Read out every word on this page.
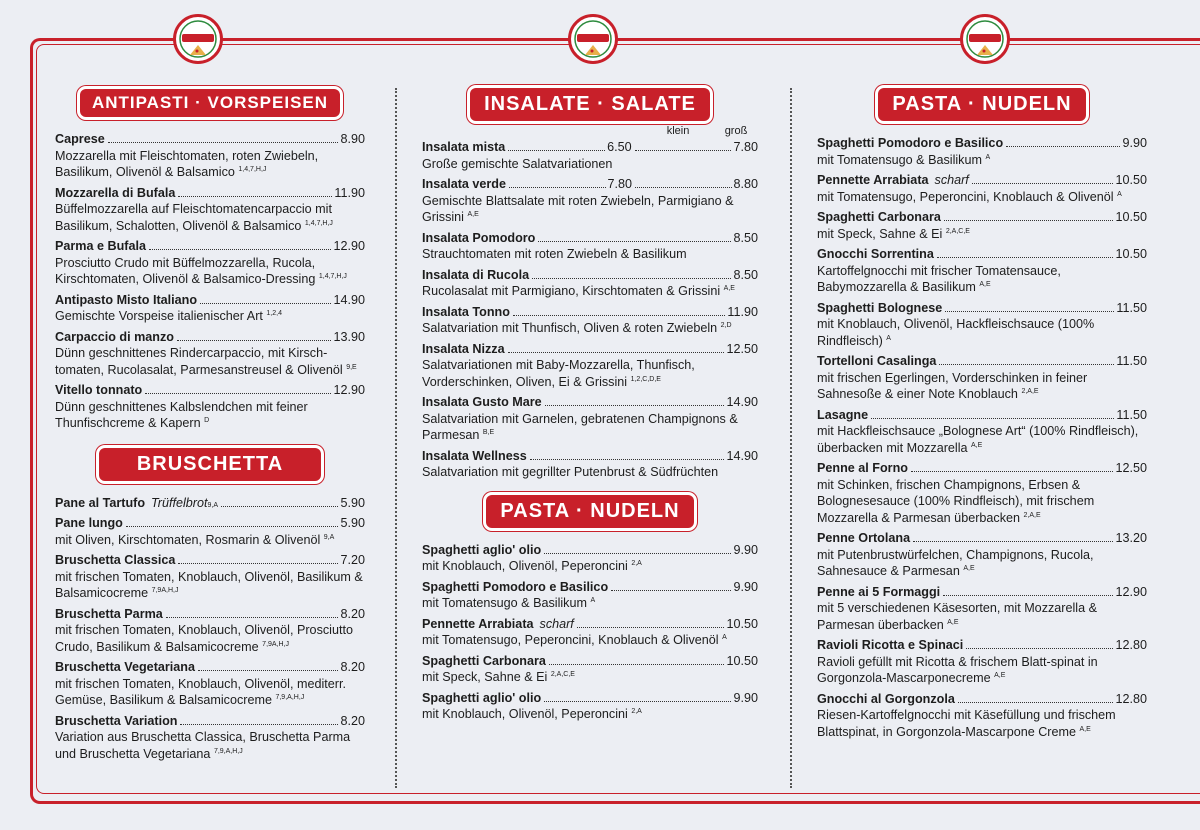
ANTIPASTI · VORSPEISEN
Caprese	8.90
Mozzarella mit Fleischtomaten, roten Zwiebeln, Basilikum, Olivenöl & Balsamico $^{1,4,7,H,J}$
Mozzarella di Bufala	11.90
Büffelmozzarella auf Fleischtomatencarpaccio mit Basilikum, Schalotten, Olivenöl & Balsamico $^{1,4,7,H,J}$
Parma e Bufala	12.90
Prosciutto Crudo mit Büffelmozzarella, Rucola, Kirschtomaten, Olivenöl & Balsamico-Dressing $^{1,4,7,H,J}$
Antipasto Misto Italiano	14.90
Gemischte Vorspeise italienischer Art $^{1,2,4}$
Carpaccio di manzo	13.90
Dünn geschnittenes Rindercarpaccio, mit Kirsch-tomaten, Rucolasalat, Parmesanstreusel & Olivenöl $^{9,E}$
Vitello tonnato	12.90
Dünn geschnittenes Kalbslendchen mit feiner Thunfischcreme & Kapern $^D$
BRUSCHETTA
Pane al Tartufo Trüffelbrot 9,A	5.90
Pane lungo	5.90
mit Oliven, Kirschtomaten, Rosmarin & Olivenöl $^{9,A}$
Bruschetta Classica	7.20
mit frischen Tomaten, Knoblauch, Olivenöl, Basilikum & Balsamicocreme $^{7,9A,H,J}$
Bruschetta Parma	8.20
mit frischen Tomaten, Knoblauch, Olivenöl, Prosciutto Crudo, Basilikum & Balsamicocreme $^{7,9A,H,J}$
Bruschetta Vegetariana	8.20
mit frischen Tomaten, Knoblauch, Olivenöl, mediterr. Gemüse, Basilikum & Balsamicocreme $^{7,9,A,H,J}$
Bruschetta Variation	8.20
Variation aus Bruschetta Classica, Bruschetta Parma und Bruschetta Vegetariana $^{7,9,A,H,J}$
INSALATE · SALATE
klein	groß
Insalata mista	6.50	7.80
Große gemischte Salatvariationen
Insalata verde	7.80	8.80
Gemischte Blattsalate mit roten Zwiebeln, Parmigiano & Grissini $^{A,E}$
Insalata Pomodoro	8.50
Strauchtomaten mit roten Zwiebeln & Basilikum
Insalata di Rucola	8.50
Rucolasalat mit Parmigiano, Kirschtomaten & Grissini $^{A,E}$
Insalata Tonno	11.90
Salatvariation mit Thunfisch, Oliven & roten Zwiebeln $^{2,D}$
Insalata Nizza	12.50
Salatvariationen mit Baby-Mozzarella, Thunfisch, Vorderschinken, Oliven, Ei & Grissini $^{1,2,C,D,E}$
Insalata Gusto Mare	14.90
Salatvariation mit Garnelen, gebratenen Champignons & Parmesan $^{B,E}$
Insalata Wellness	14.90
Salatvariation mit gegrillter Putenbrust & Südfrüchten
PASTA · NUDELN
Spaghetti aglio' olio	9.90
mit Knoblauch, Olivenöl, Peperoncini $^{2,A}$
Spaghetti Pomodoro e Basilico	9.90
mit Tomatensugo & Basilikum $^A$
Pennette Arrabiata scharf	10.50
mit Tomatensugo, Peperoncini, Knoblauch & Olivenöl $^A$
Spaghetti Carbonara	10.50
mit Speck, Sahne & Ei $^{2,A,C,E}$
Spaghetti aglio' olio	9.90
mit Knoblauch, Olivenöl, Peperoncini $^{2,A}$
PASTA · NUDELN
Spaghetti Pomodoro e Basilico	9.90
mit Tomatensugo & Basilikum $^A$
Pennette Arrabiata scharf	10.50
mit Tomatensugo, Peperoncini, Knoblauch & Olivenöl $^A$
Spaghetti Carbonara	10.50
mit Speck, Sahne & Ei $^{2,A,C,E}$
Gnocchi Sorrentina	10.50
Kartoffelgnocchi mit frischer Tomatensauce, Babymozzarella & Basilikum $^{A,E}$
Spaghetti Bolognese	11.50
mit Knoblauch, Olivenöl, Hackfleischsauce (100% Rindfleisch) $^A$
Tortelloni Casalinga	11.50
mit frischen Egerlingen, Vorderschinken in feiner Sahnesoße & einer Note Knoblauch $^{2,A,E}$
Lasagne	11.50
mit Hackfleischsauce „Bolognese Art“ (100% Rindfleisch), überbacken mit Mozzarella $^{A,E}$
Penne al Forno	12.50
mit Schinken, frischen Champignons, Erbsen & Bolognesesauce (100% Rindfleisch), mit frischem Mozzarella & Parmesan überbacken $^{2,A,E}$
Penne Ortolana	13.20
mit Putenbrustwürfelchen, Champignons, Rucola, Sahnesauce & Parmesan $^{A,E}$
Penne ai 5 Formaggi	12.90
mit 5 verschiedenen Käsesorten, mit Mozzarella & Parmesan überbacken $^{A,E}$
Ravioli Ricotta e Spinaci	12.80
Ravioli gefüllt mit Ricotta & frischem Blatt-spinat in Gorgonzola-Mascarponecreme $^{A,E}$
Gnocchi al Gorgonzola	12.80
Riesen-Kartoffelgnocchi mit Käsefüllung und frischem Blattspinat, in Gorgonzola-Mascarpone Creme $^{A,E}$
